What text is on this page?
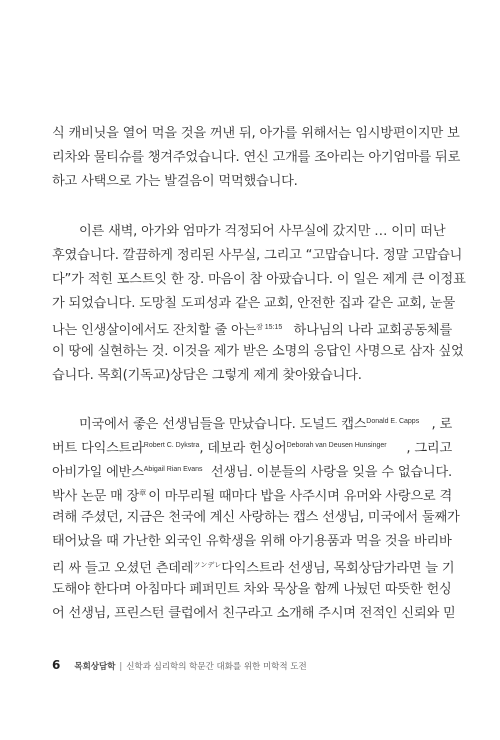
식 캐비닛을 열어 먹을 것을 꺼낸 뒤, 아가를 위해서는 임시방편이지만 보
리차와 물티슈를 챙겨주었습니다. 연신 고개를 조아리는 아기엄마를 뒤로
하고 사택으로 가는 발걸음이 먹먹했습니다.
이른 새벽, 아가와 엄마가 걱정되어 사무실에 갔지만 … 이미 떠난
후였습니다. 깔끔하게 정리된 사무실, 그리고 “고맙습니다. 정말 고맙습니
다”가 적힌 포스트잇 한 장. 마음이 참 아팠습니다. 이 일은 제게 큰 이정표
가 되었습니다. 도망칠 도피성과 같은 교회, 안전한 집과 같은 교회, 눈물
나는 인생살이에서도 잔치할 줄 아는$^{잠 15:15}$ 하나님의 나라 교회공동체를
이 땅에 실현하는 것. 이것을 제가 받은 소명의 응답인 사명으로 삼자 싶었
습니다. 목회(기독교)상담은 그렇게 제게 찾아왔습니다.
미국에서 좋은 선생님들을 만났습니다. 도널드 캡스$^{Donald E. Capps}$ , 로
버트 다익스트라$^{Robert C. Dykstra}$, 데보라 헌싱어$^{Deborah van Deusen Hunsinger}$ , 그리고
아비가일 에반스$^{Abigail Rian Evans}$ 선생님. 이분들의 사랑을 잊을 수 없습니다.
박사 논문 매 장$^章$ 이 마무리될 때마다 밥을 사주시며 유머와 사랑으로 격
려해 주셨던, 지금은 천국에 계신 사랑하는 캡스 선생님, 미국에서 둘째가
태어났을 때 가난한 외국인 유학생을 위해 아기용품과 먹을 것을 바리바
리 싸 들고 오셨던 츤데레$^{ツンデレ}$ 다익스트라 선생님, 목회상담가라면 늘 기
도해야 한다며 아침마다 페퍼민트 차와 묵상을 함께 나눴던 따뜻한 헌싱
어 선생님, 프린스턴 클럽에서 친구라고 소개해 주시며 전적인 신뢰와 믿
6 목회상담학 | 신학과 심리학의 학문간 대화를 위한 미학적 도전
